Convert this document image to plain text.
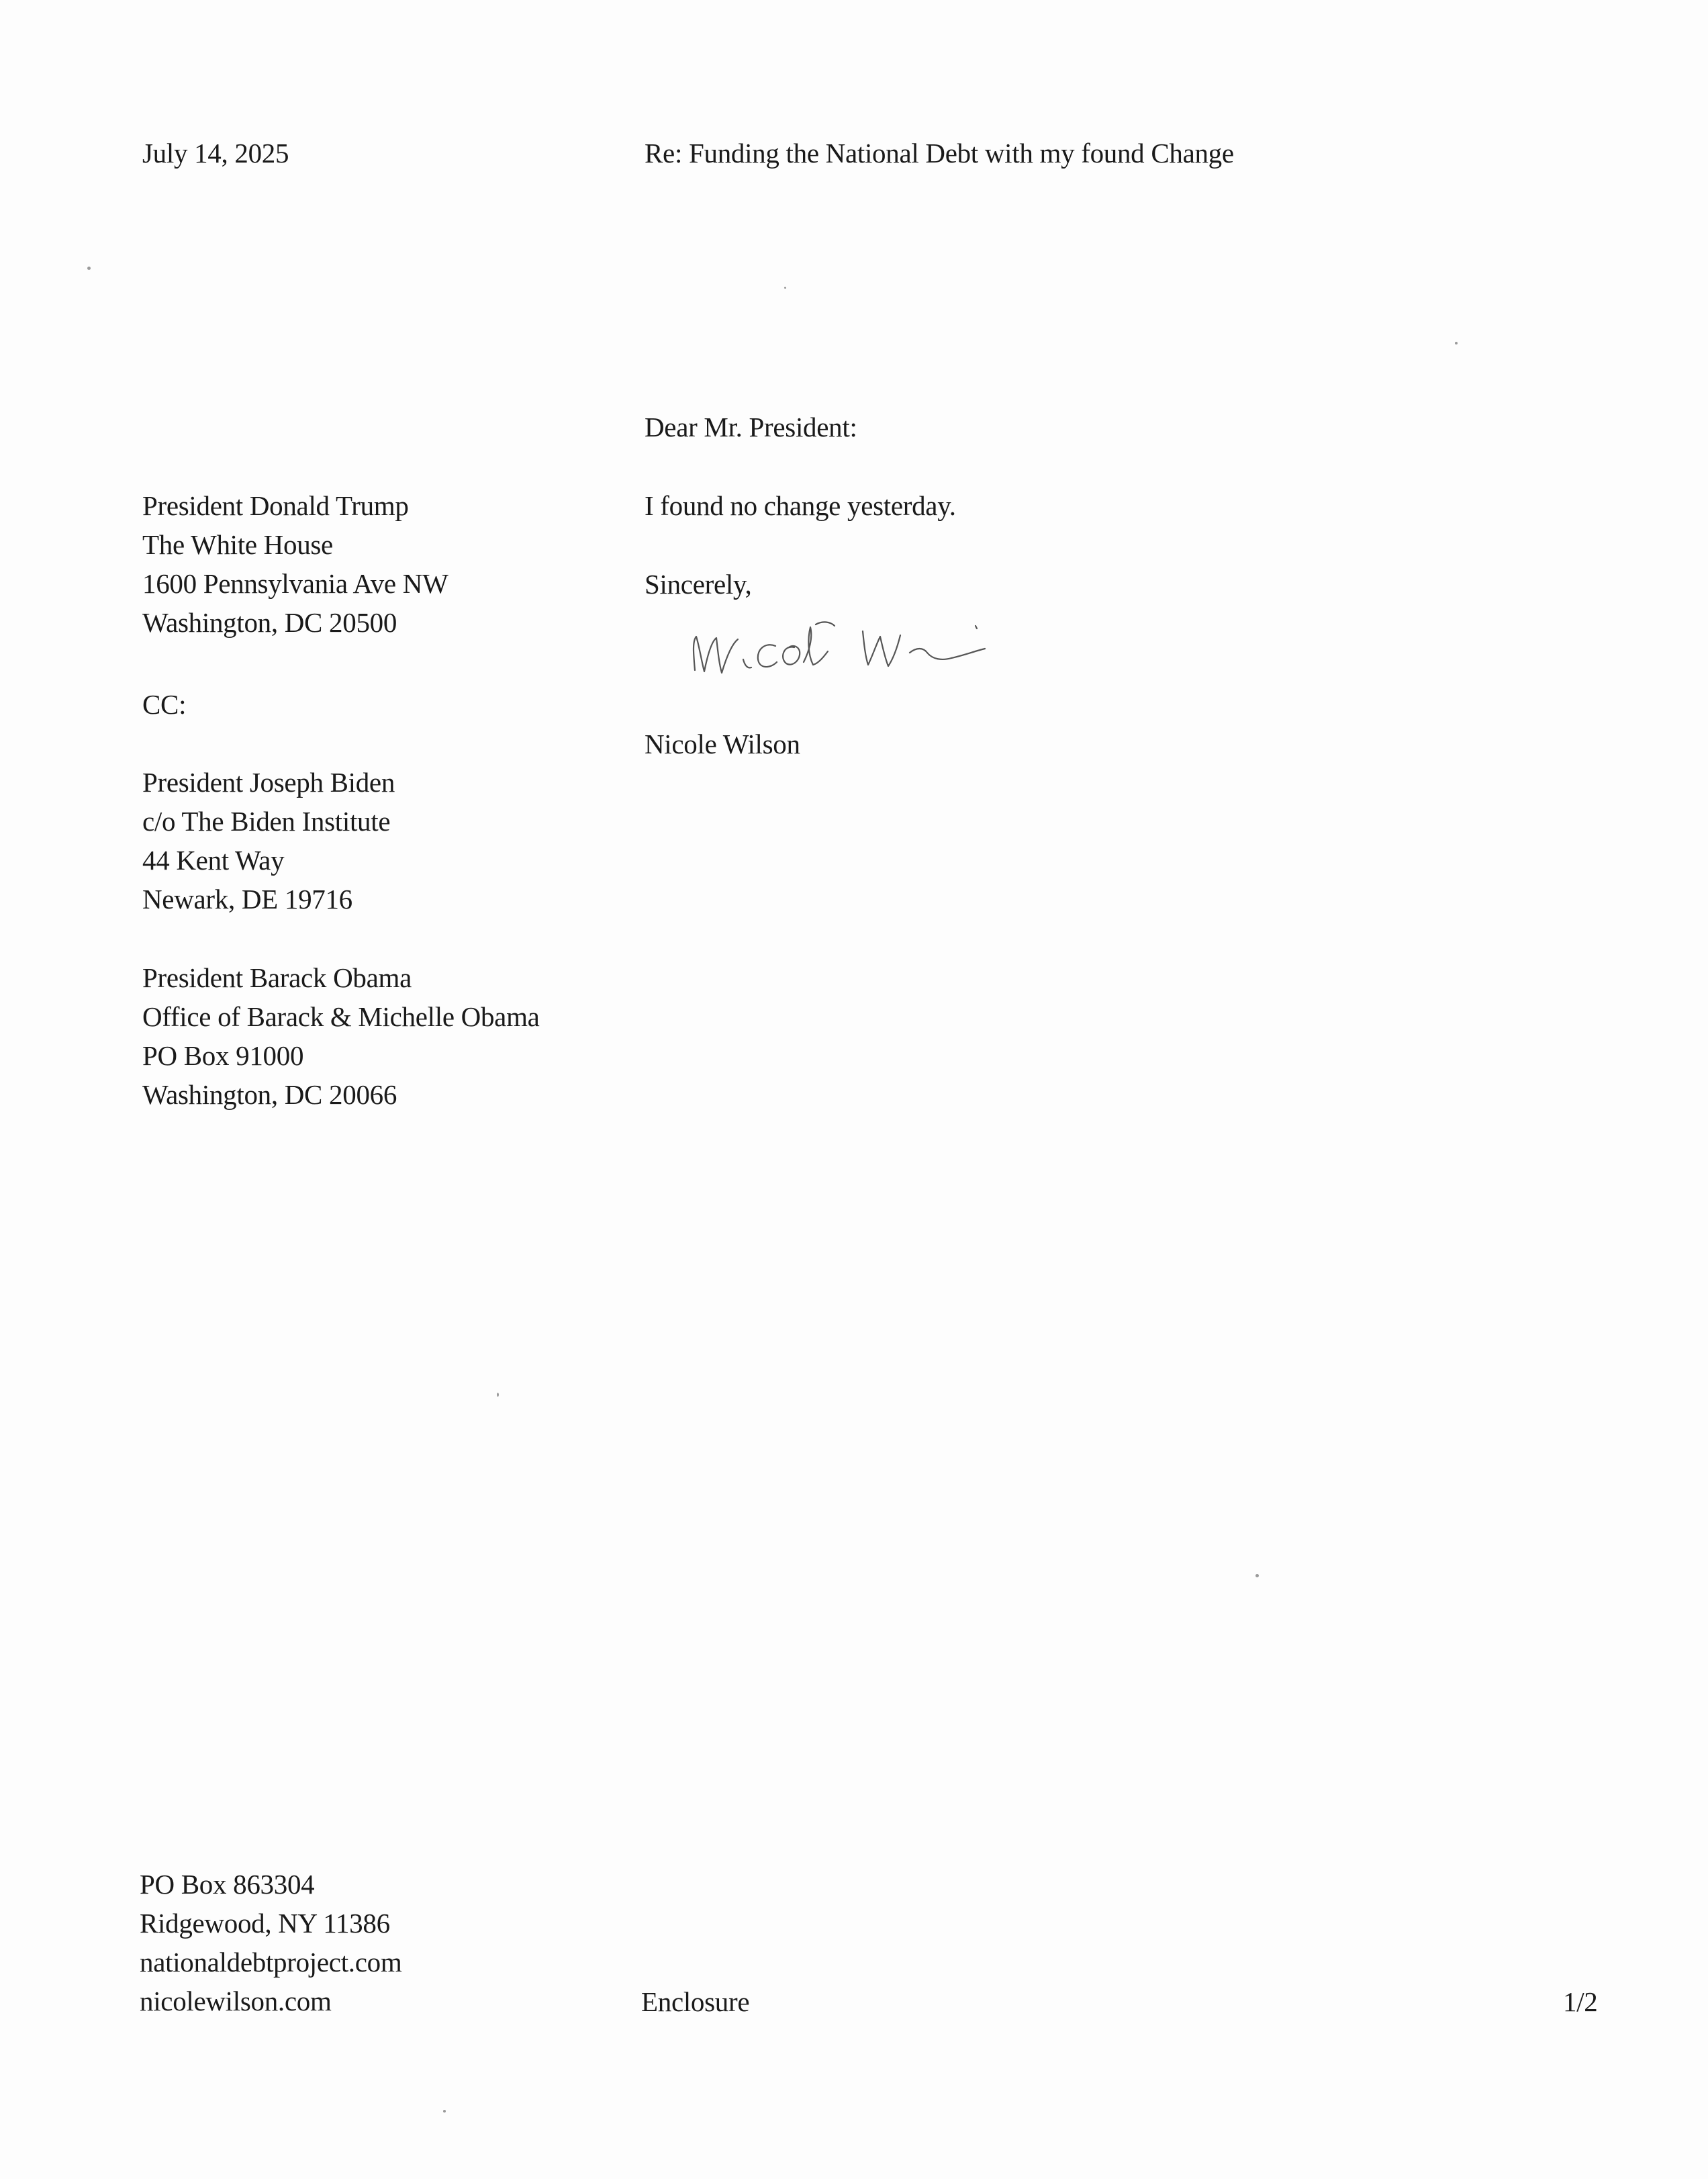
July 14, 2025	Re: Funding the National Debt with my found Change
Dear Mr. President:
I found no change yesterday.
Sincerely,
Nicole Wilson
President Donald Trump
The White House
1600 Pennsylvania Ave NW
Washington, DC 20500
CC:
President Joseph Biden
c/o The Biden Institute
44 Kent Way
Newark, DE 19716
President Barack Obama
Office of Barack & Michelle Obama
PO Box 91000
Washington, DC 20066
PO Box 863304
Ridgewood, NY 11386
nationaldebtproject.com
nicolewilson.com	Enclosure	1/2
